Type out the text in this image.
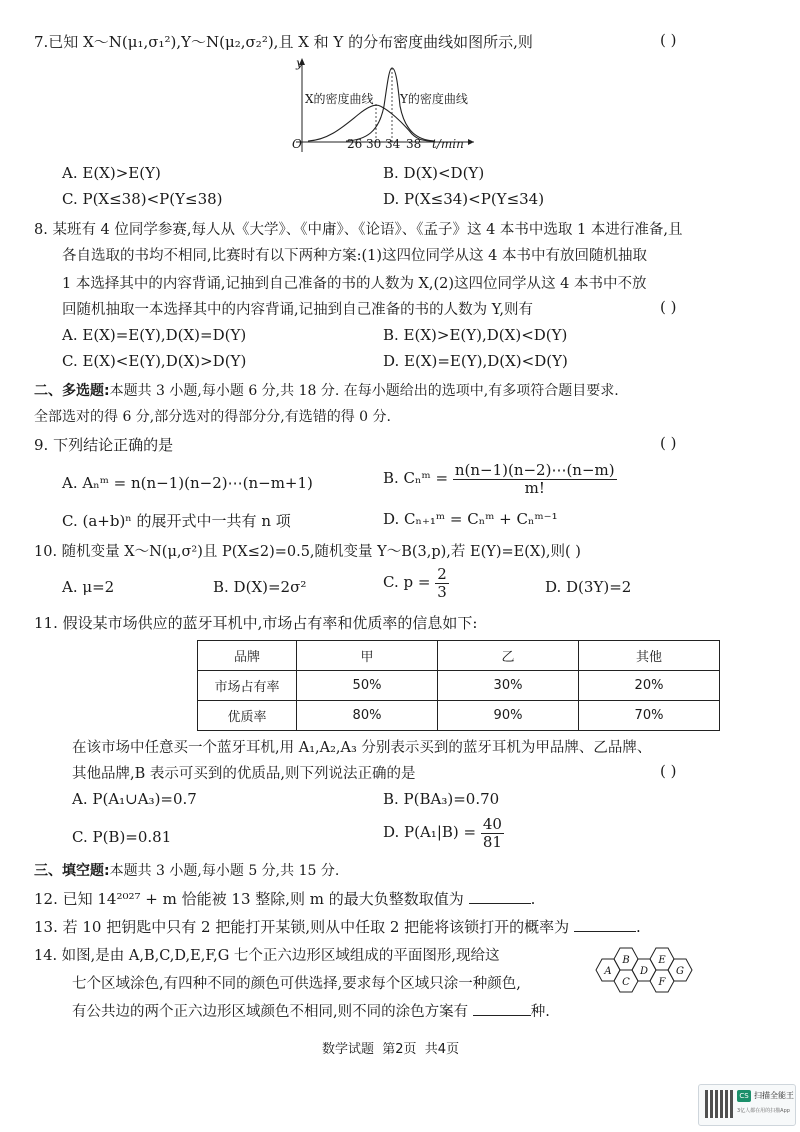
7.已知 X～N(μ₁,σ₁²),Y～N(μ₂,σ₂²),且 X 和 Y 的分布密度曲线如图所示,则	( )
y
O
X的密度曲线 Y的密度曲线
26 30 34 38 t/min
A. E(X)>E(Y)	B. D(X)<D(Y)
C. P(X≤38)<P(Y≤38)	D. P(X≤34)<P(Y≤34)
8. 某班有 4 位同学参赛,每人从《大学》、《中庸》、《论语》、《孟子》这 4 本书中选取 1 本进行准备,且
各自选取的书均不相同,比赛时有以下两种方案:(1)这四位同学从这 4 本书中有放回随机抽取
1 本选择其中的内容背诵,记抽到自己准备的书的人数为 X,(2)这四位同学从这 4 本书中不放
回随机抽取一本选择其中的内容背诵,记抽到自己准备的书的人数为 Y,则有	( )
A. E(X)=E(Y),D(X)=D(Y)	B. E(X)>E(Y),D(X)<D(Y)
C. E(X)<E(Y),D(X)>D(Y)	D. E(X)=E(Y),D(X)<D(Y)
二、多选题:本题共 3 小题,每小题 6 分,共 18 分. 在每小题给出的选项中,有多项符合题目要求.
全部选对的得 6 分,部分选对的得部分分,有选错的得 0 分.
9. 下列结论正确的是	( )
A. Aₙᵐ = n(n−1)(n−2)⋯(n−m+1)	B. Cₙᵐ = $\frac{n(n-1)(n-2)\cdots(n-m)}{m!}$
C. (a+b)ⁿ 的展开式中一共有 n 项	D. Cₙ₊₁ᵐ = Cₙᵐ + Cₙᵐ⁻¹
10. 随机变量 X～N(μ,σ²)且 P(X≤2)=0.5,随机变量 Y～B(3,p),若 E(Y)=E(X),则( )
A. μ=2	B. D(X)=2σ²	C. $p = \frac{2}{3}$	D. D(3Y)=2
11. 假设某市场供应的蓝牙耳机中,市场占有率和优质率的信息如下:
品牌	甲	乙	其他
市场占有率	50%	30%	20%
优质率	80%	90%	70%
在该市场中任意买一个蓝牙耳机,用 A₁,A₂,A₃ 分别表示买到的蓝牙耳机为甲品牌、乙品牌、
其他品牌,B 表示可买到的优质品,则下列说法正确的是	( )
A. P(A₁∪A₃)=0.7	B. P(BA₃)=0.70
C. P(B)=0.81	D. $P(A_1|B) = \frac{40}{81}$
三、填空题:本题共 3 小题,每小题 5 分,共 15 分.
12. 已知 14²⁰²⁷ + m 恰能被 13 整除,则 m 的最大负整数取值为	.
13. 若 10 把钥匙中只有 2 把能打开某锁,则从中任取 2 把能将该锁打开的概率为	.
14. 如图,是由 A,B,C,D,E,F,G 七个正六边形区域组成的平面图形,现给这
七个区域涂色,有四种不同的颜色可供选择,要求每个区域只涂一种颜色,
有公共边的两个正六边形区域颜色不相同,则不同的涂色方案有	种.
A
B
C
D
E
F
G
数学试题  第2页  共4页
CS 扫描全能王
3亿人都在用的扫描App
